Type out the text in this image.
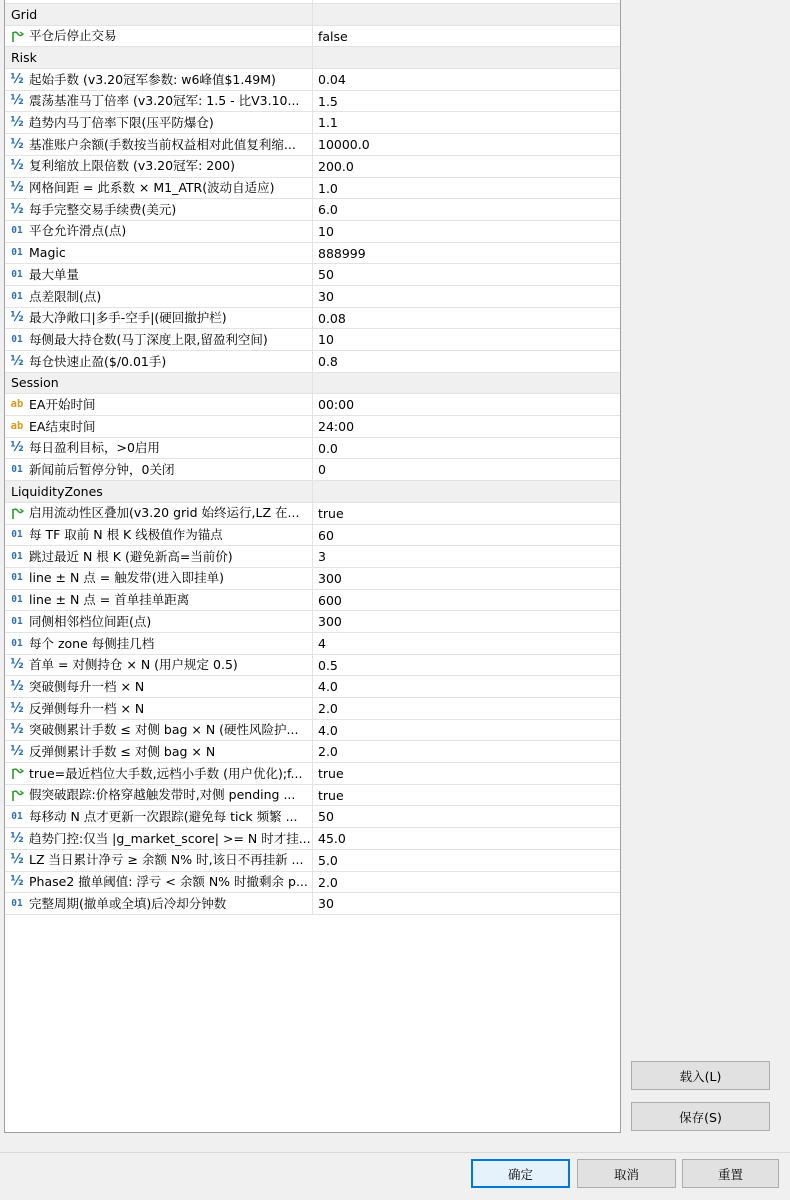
Grid
平仓后停止交易	false
Risk
½ 起始手数 (v3.20冠军参数: w6峰值$1.49M)	0.04
½ 震荡基准马丁倍率 (v3.20冠军: 1.5 - 比V3.10...	1.5
½ 趋势内马丁倍率下限(压平防爆仓)	1.1
½ 基准账户余额(手数按当前权益相对此值复利缩...	10000.0
½ 复利缩放上限倍数 (v3.20冠军: 200)	200.0
½ 网格间距 = 此系数 × M1_ATR(波动自适应)	1.0
½ 每手完整交易手续费(美元)	6.0
01 平仓允许滑点(点)	10
01 Magic	888999
01 最大单量	50
01 点差限制(点)	30
½ 最大净敞口|多手-空手|(硬回撤护栏)	0.08
01 每侧最大持仓数(马丁深度上限,留盈利空间)	10
½ 每仓快速止盈($/0.01手)	0.8
Session
ab EA开始时间	00:00
ab EA结束时间	24:00
½ 每日盈利目标，>0启用	0.0
01 新闻前后暂停分钟，0关闭	0
LiquidityZones
启用流动性区叠加(v3.20 grid 始终运行,LZ 在...	true
01 每 TF 取前 N 根 K 线极值作为锚点	60
01 跳过最近 N 根 K (避免新高=当前价)	3
01 line ± N 点 = 触发带(进入即挂单)	300
01 line ± N 点 = 首单挂单距离	600
01 同侧相邻档位间距(点)	300
01 每个 zone 每侧挂几档	4
½ 首单 = 对侧持仓 × N (用户规定 0.5)	0.5
½ 突破侧每升一档 × N	4.0
½ 反弹侧每升一档 × N	2.0
½ 突破侧累计手数 ≤ 对侧 bag × N (硬性风险护...	4.0
½ 反弹侧累计手数 ≤ 对侧 bag × N	2.0
true=最近档位大手数,远档小手数 (用户优化);f...	true
假突破跟踪:价格穿越触发带时,对侧 pending ...	true
01 每移动 N 点才更新一次跟踪(避免每 tick 频繁 ...	50
½ 趋势门控:仅当 |g_market_score| >= N 时才挂... 45.0
½ LZ 当日累计净亏 ≥ 余额 N% 时,该日不再挂新 ...	5.0
½ Phase2 撤单阈值: 浮亏 < 余额 N% 时撤剩余 p... 2.0
01 完整周期(撤单或全填)后冷却分钟数	30
载入(L)
保存(S)
确定	取消	重置
